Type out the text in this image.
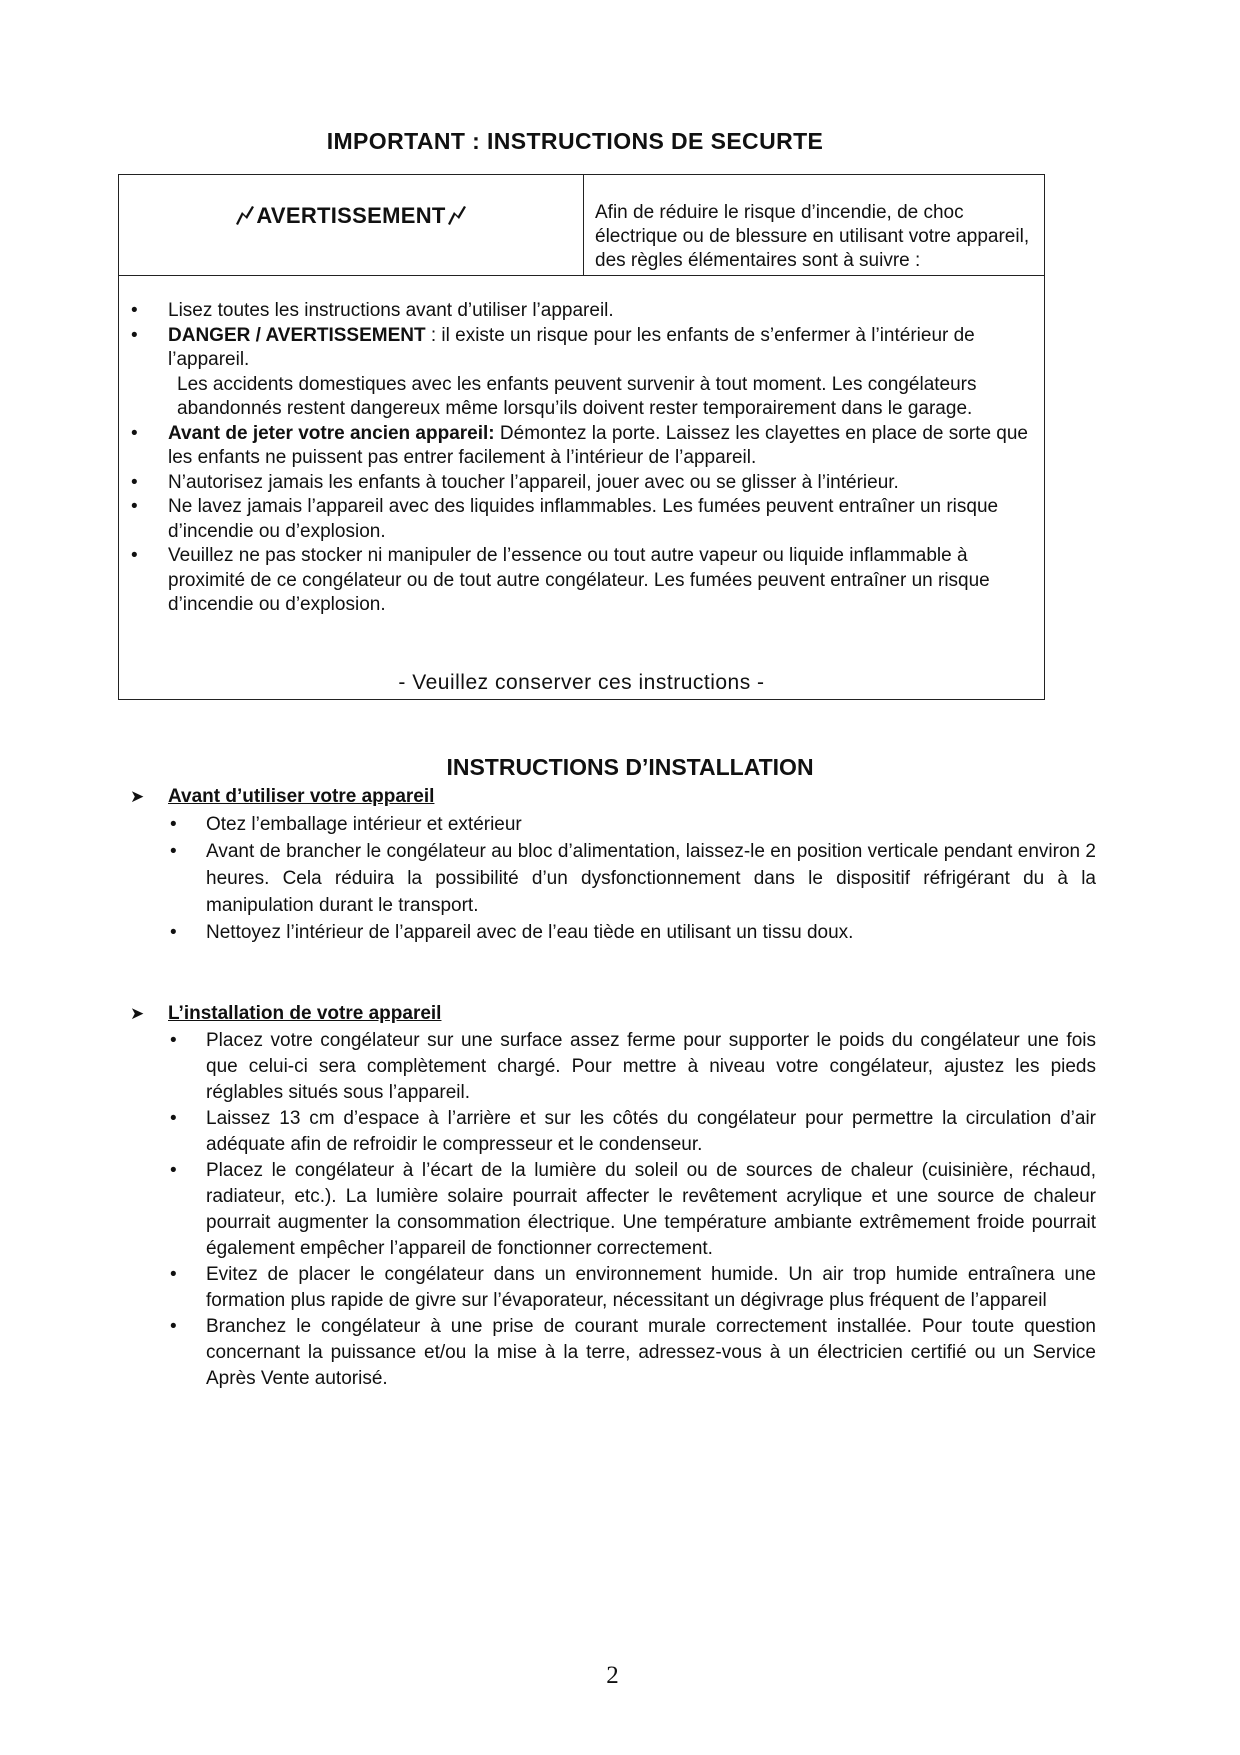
IMPORTANT : INSTRUCTIONS DE SECURTE
AVERTISSEMENT	Afin de réduire le risque d’incendie, de choc électrique ou de blessure en utilisant votre appareil, des règles élémentaires sont à suivre :
• Lisez toutes les instructions avant d’utiliser l’appareil.
• DANGER / AVERTISSEMENT : il existe un risque pour les enfants de s’enfermer à l’intérieur de l’appareil.
Les accidents domestiques avec les enfants peuvent survenir à tout moment. Les congélateurs abandonnés restent dangereux même lorsqu’ils doivent rester temporairement dans le garage.
• Avant de jeter votre ancien appareil: Démontez la porte. Laissez les clayettes en place de sorte que les enfants ne puissent pas entrer facilement à l’intérieur de l’appareil.
• N’autorisez jamais les enfants à toucher l’appareil, jouer avec ou se glisser à l’intérieur.
• Ne lavez jamais l’appareil avec des liquides inflammables. Les fumées peuvent entraîner un risque d’incendie ou d’explosion.
• Veuillez ne pas stocker ni manipuler de l’essence ou tout autre vapeur ou liquide inflammable à proximité de ce congélateur ou de tout autre congélateur. Les fumées peuvent entraîner un risque d’incendie ou d’explosion.
- Veuillez conserver ces instructions -
INSTRUCTIONS D’INSTALLATION
➤ Avant d’utiliser votre appareil
• Otez l’emballage intérieur et extérieur
• Avant de brancher le congélateur au bloc d’alimentation, laissez-le en position verticale pendant environ 2 heures. Cela réduira la possibilité d’un dysfonctionnement dans le dispositif réfrigérant du à la manipulation durant le transport.
• Nettoyez l’intérieur de l’appareil avec de l’eau tiède en utilisant un tissu doux.
➤ L’installation de votre appareil
• Placez votre congélateur sur une surface assez ferme pour supporter le poids du congélateur une fois que celui-ci sera complètement chargé. Pour mettre à niveau votre congélateur, ajustez les pieds réglables situés sous l’appareil.
• Laissez 13 cm d’espace à l’arrière et sur les côtés du congélateur pour permettre la circulation d’air adéquate afin de refroidir le compresseur et le condenseur.
• Placez le congélateur à l’écart de la lumière du soleil ou de sources de chaleur (cuisinière, réchaud, radiateur, etc.). La lumière solaire pourrait affecter le revêtement acrylique et une source de chaleur pourrait augmenter la consommation électrique. Une température ambiante extrêmement froide pourrait également empêcher l’appareil de fonctionner correctement.
• Evitez de placer le congélateur dans un environnement humide. Un air trop humide entraînera une formation plus rapide de givre sur l’évaporateur, nécessitant un dégivrage plus fréquent de l’appareil
• Branchez le congélateur à une prise de courant murale correctement installée. Pour toute question concernant la puissance et/ou la mise à la terre, adressez-vous à un électricien certifié ou un Service Après Vente autorisé.
2
